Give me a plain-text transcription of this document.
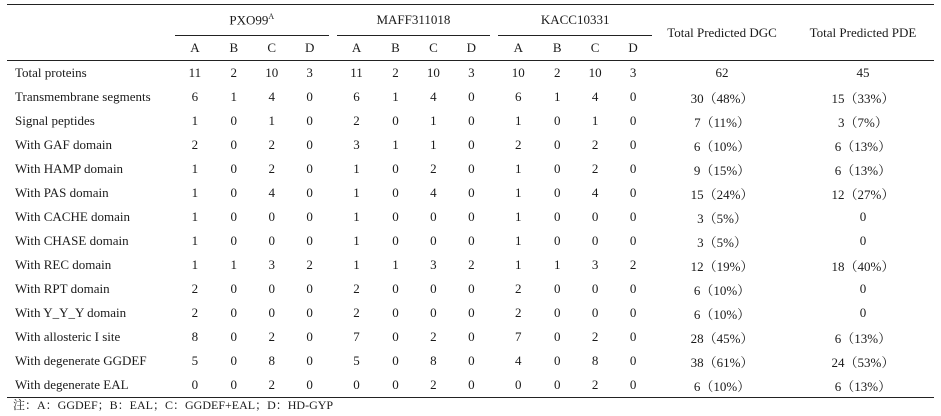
	$PXO99^A$					MAFF311018					KACC10331				Total Predicted DGC	Total Predicted PDE
	A	B	C	D		A	B	C	D		A	B	C	D		
Total proteins	11	2	10	3		11	2	10	3		10	2	10	3	62	45
Transmembrane segments	6	1	4	0		6	1	4	0		6	1	4	0	30（48%）	15（33%）
Signal peptides	1	0	1	0		2	0	1	0		1	0	1	0	7（11%）	3（7%）
With GAF domain	2	0	2	0		3	1	1	0		2	0	2	0	6（10%）	6（13%）
With HAMP domain	1	0	2	0		1	0	2	0		1	0	2	0	9（15%）	6（13%）
With PAS domain	1	0	4	0		1	0	4	0		1	0	4	0	15（24%）	12（27%）
With CACHE domain	1	0	0	0		1	0	0	0		1	0	0	0	3（5%）	0
With CHASE domain	1	0	0	0		1	0	0	0		1	0	0	0	3（5%）	0
With REC domain	1	1	3	2		1	1	3	2		1	1	3	2	12（19%）	18（40%）
With RPT domain	2	0	0	0		2	0	0	0		2	0	0	0	6（10%）	0
With Y_Y_Y domain	2	0	0	0		2	0	0	0		2	0	0	0	6（10%）	0
With allosteric I site	8	0	2	0		7	0	2	0		7	0	2	0	28（45%）	6（13%）
With degenerate GGDEF	5	0	8	0		5	0	8	0		4	0	8	0	38（61%）	24（53%）
With degenerate EAL	0	0	2	0		0	0	2	0		0	0	2	0	6（10%）	6（13%）
注：A：GGDEF；B：EAL；C：GGDEF+EAL；D：HD-GYP
